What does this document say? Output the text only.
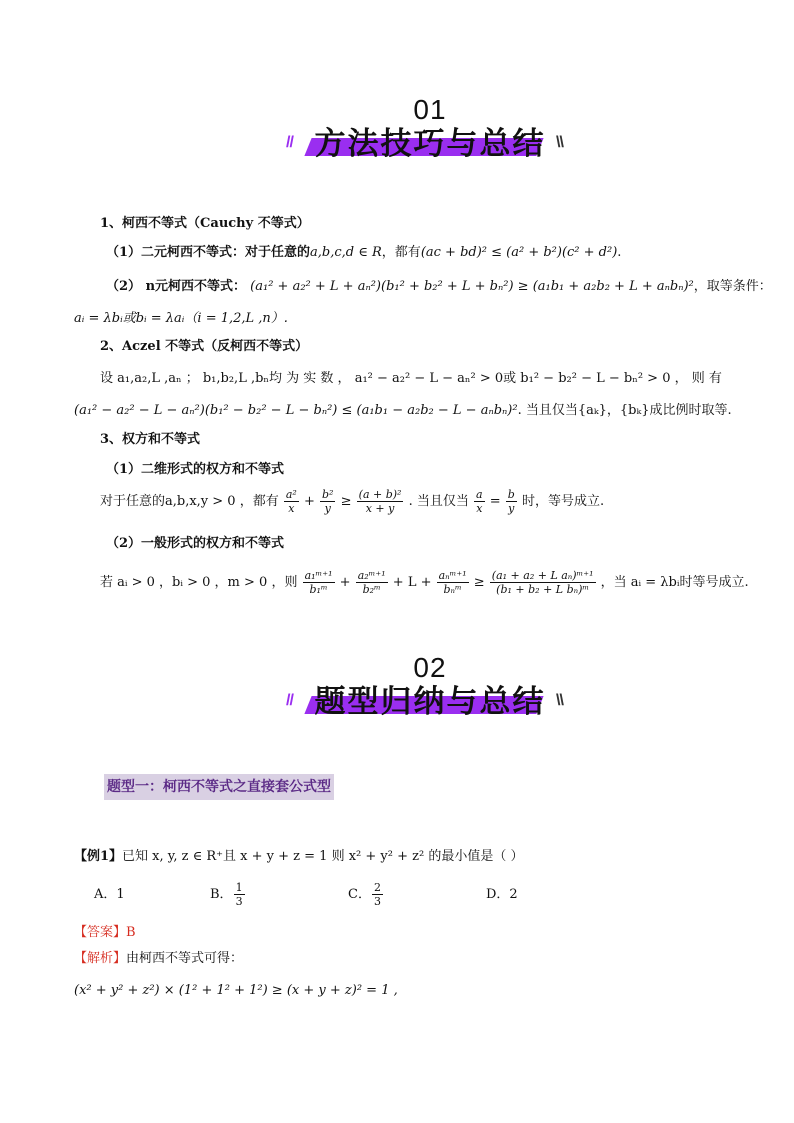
01
// 方法技巧与总结 \\
1、柯西不等式（Cauchy 不等式）
（1）二元柯西不等式：对于任意的a,b,c,d ∈ R，都有(ac + bd)² ≤ (a² + b²)(c² + d²).
（2） n元柯西不等式： (a₁² + a₂² + L + aₙ²)(b₁² + b₂² + L + bₙ²) ≥ (a₁b₁ + a₂b₂ + L + aₙbₙ)²，取等条件：
aᵢ = λbᵢ或bᵢ = λaᵢ（i = 1,2,L ,n）.
2、Aczel 不等式（反柯西不等式）
设 a₁,a₂,L ,aₙ ； b₁,b₂,L ,bₙ均 为 实 数 ， a₁² − a₂² − L − aₙ² > 0或 b₁² − b₂² − L − bₙ² > 0 ， 则 有
(a₁² − a₂² − L − aₙ²)(b₁² − b₂² − L − bₙ²) ≤ (a₁b₁ − a₂b₂ − L − aₙbₙ)². 当且仅当{aₖ}，{bₖ}成比例时取等.
3、权方和不等式
（1）二维形式的权方和不等式
对于任意的a,b,x,y > 0 ，都有 $\frac{\text{a²}}{x} + \frac{\text{b²}}{y} \ge \frac{\text{(a + b)²}}{x + y}$ . 当且仅当 $\frac{a}{x} = \frac{b}{y}$ 时，等号成立.
（2）一般形式的权方和不等式
若 aᵢ > 0 ，bᵢ > 0 ，m > 0 ，则 $\frac{\text{a₁ᵐ⁺¹}}{\text{b₁ᵐ}} + \frac{\text{a₂ᵐ⁺¹}}{\text{b₂ᵐ}} + L + \frac{\text{aₙᵐ⁺¹}}{\text{bₙᵐ}} \ge \frac{\text{(a₁ + a₂ + L aₙ)ᵐ⁺¹}}{\text{(b₁ + b₂ + L bₙ)ᵐ}}$ ，当 aᵢ = λbᵢ时等号成立.
02
// 题型归纳与总结 \\
题型一：柯西不等式之直接套公式型
【例1】已知 x, y, z ∈ R⁺且 x + y + z = 1 则 x² + y² + z² 的最小值是（ ）
A．1	B． $\frac{1}{3}$	C． $\frac{2}{3}$	D．2
【答案】B
【解析】由柯西不等式可得：
(x² + y² + z²) × (1² + 1² + 1²) ≥ (x + y + z)² = 1 ,
